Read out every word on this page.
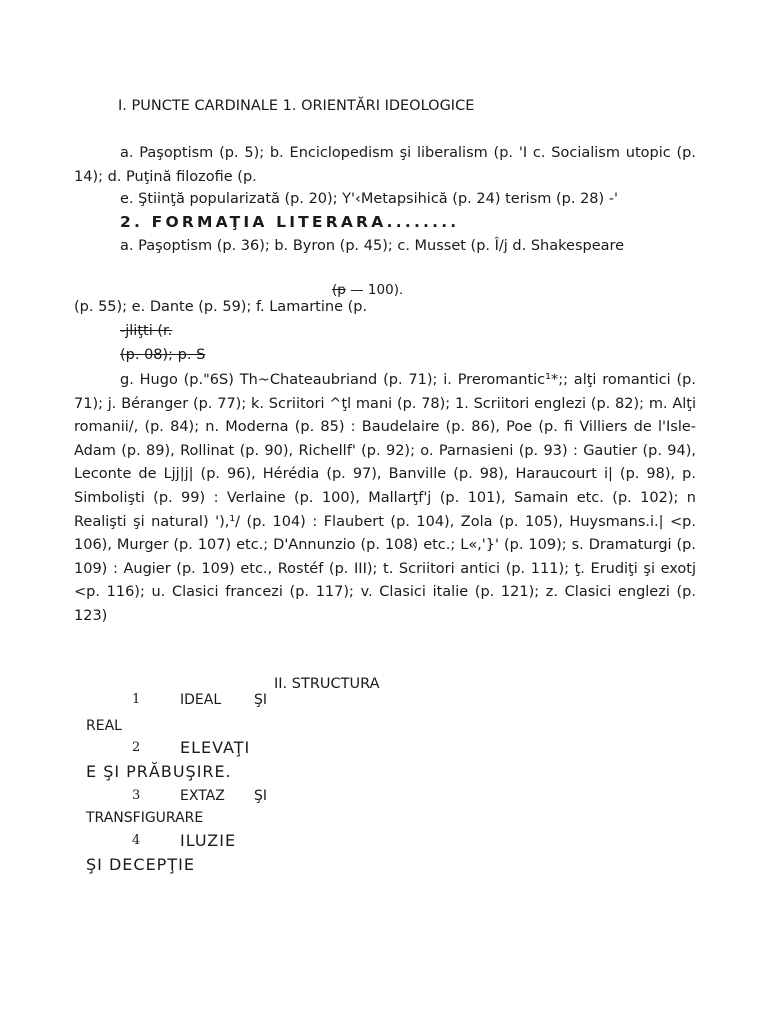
I. PUNCTE CARDINALE 1. ORIENTĂRI IDEOLOGICE
a. Paşoptism (p. 5); b. Enciclopedism şi liberalism (p. 'I c. Socialism utopic (p. 14); d. Puţină filozofie (p.
e. Ştiinţă popularizată (p. 20); Y'‹Metapsihică (p. 24) terism (p. 28) -'
2. FORMAŢIA LITERARA........
a. Paşoptism (p. 36); b. Byron (p. 45); c. Musset (p. Î/j d. Shakespeare
(p — 100).
(p. 55); e. Dante (p. 59); f. Lamartine (p.
-jliţti (r.
(p. 08); p. S
g. Hugo (p."6S) Th~Chateaubriand (p. 71); i. Preromantic¹*;; alţi romantici (p. 71); j. Béranger (p. 77); k. Scriitori ^ţl mani (p. 78); 1. Scriitori englezi (p. 82); m. Alţi romanii/, (p. 84); n. Moderna (p. 85) : Baudelaire (p. 86), Poe (p. fi Villiers de l'Isle-Adam (p. 89), Rollinat (p. 90), Richellf' (p. 92); o. Parnasieni (p. 93) : Gautier (p. 94), Leconte de Ljj|j| (p. 96), Hérédia (p. 97), Banville (p. 98), Haraucourt i| (p. 98), p. Simbolişti (p. 99) : Verlaine (p. 100), Mallarţf'j (p. 101), Samain etc. (p. 102); n Realişti şi natural) '),¹/ (p. 104) : Flaubert (p. 104), Zola (p. 105), Huysmans.i.| <p. 106), Murger (p. 107) etc.; D'Annunzio (p. 108) etc.; L«,'}' (p. 109); s. Dramaturgi (p. 109) : Augier (p. 109) etc., Rostéf (p. III); t. Scriitori antici (p. 111); ţ. Erudiţi şi exotj <p. 116); u. Clasici francezi (p. 117); v. Clasici italie (p. 121); z. Clasici englezi (p. 123)
II. STRUCTURA
1	IDEAL ŞI
REAL
2 ELEVAŢI
E ŞI PRĂBUŞIRE.
3	EXTAZ ŞI
TRANSFIGURARE
4 ILUZIE
ŞI DECEPŢIE
